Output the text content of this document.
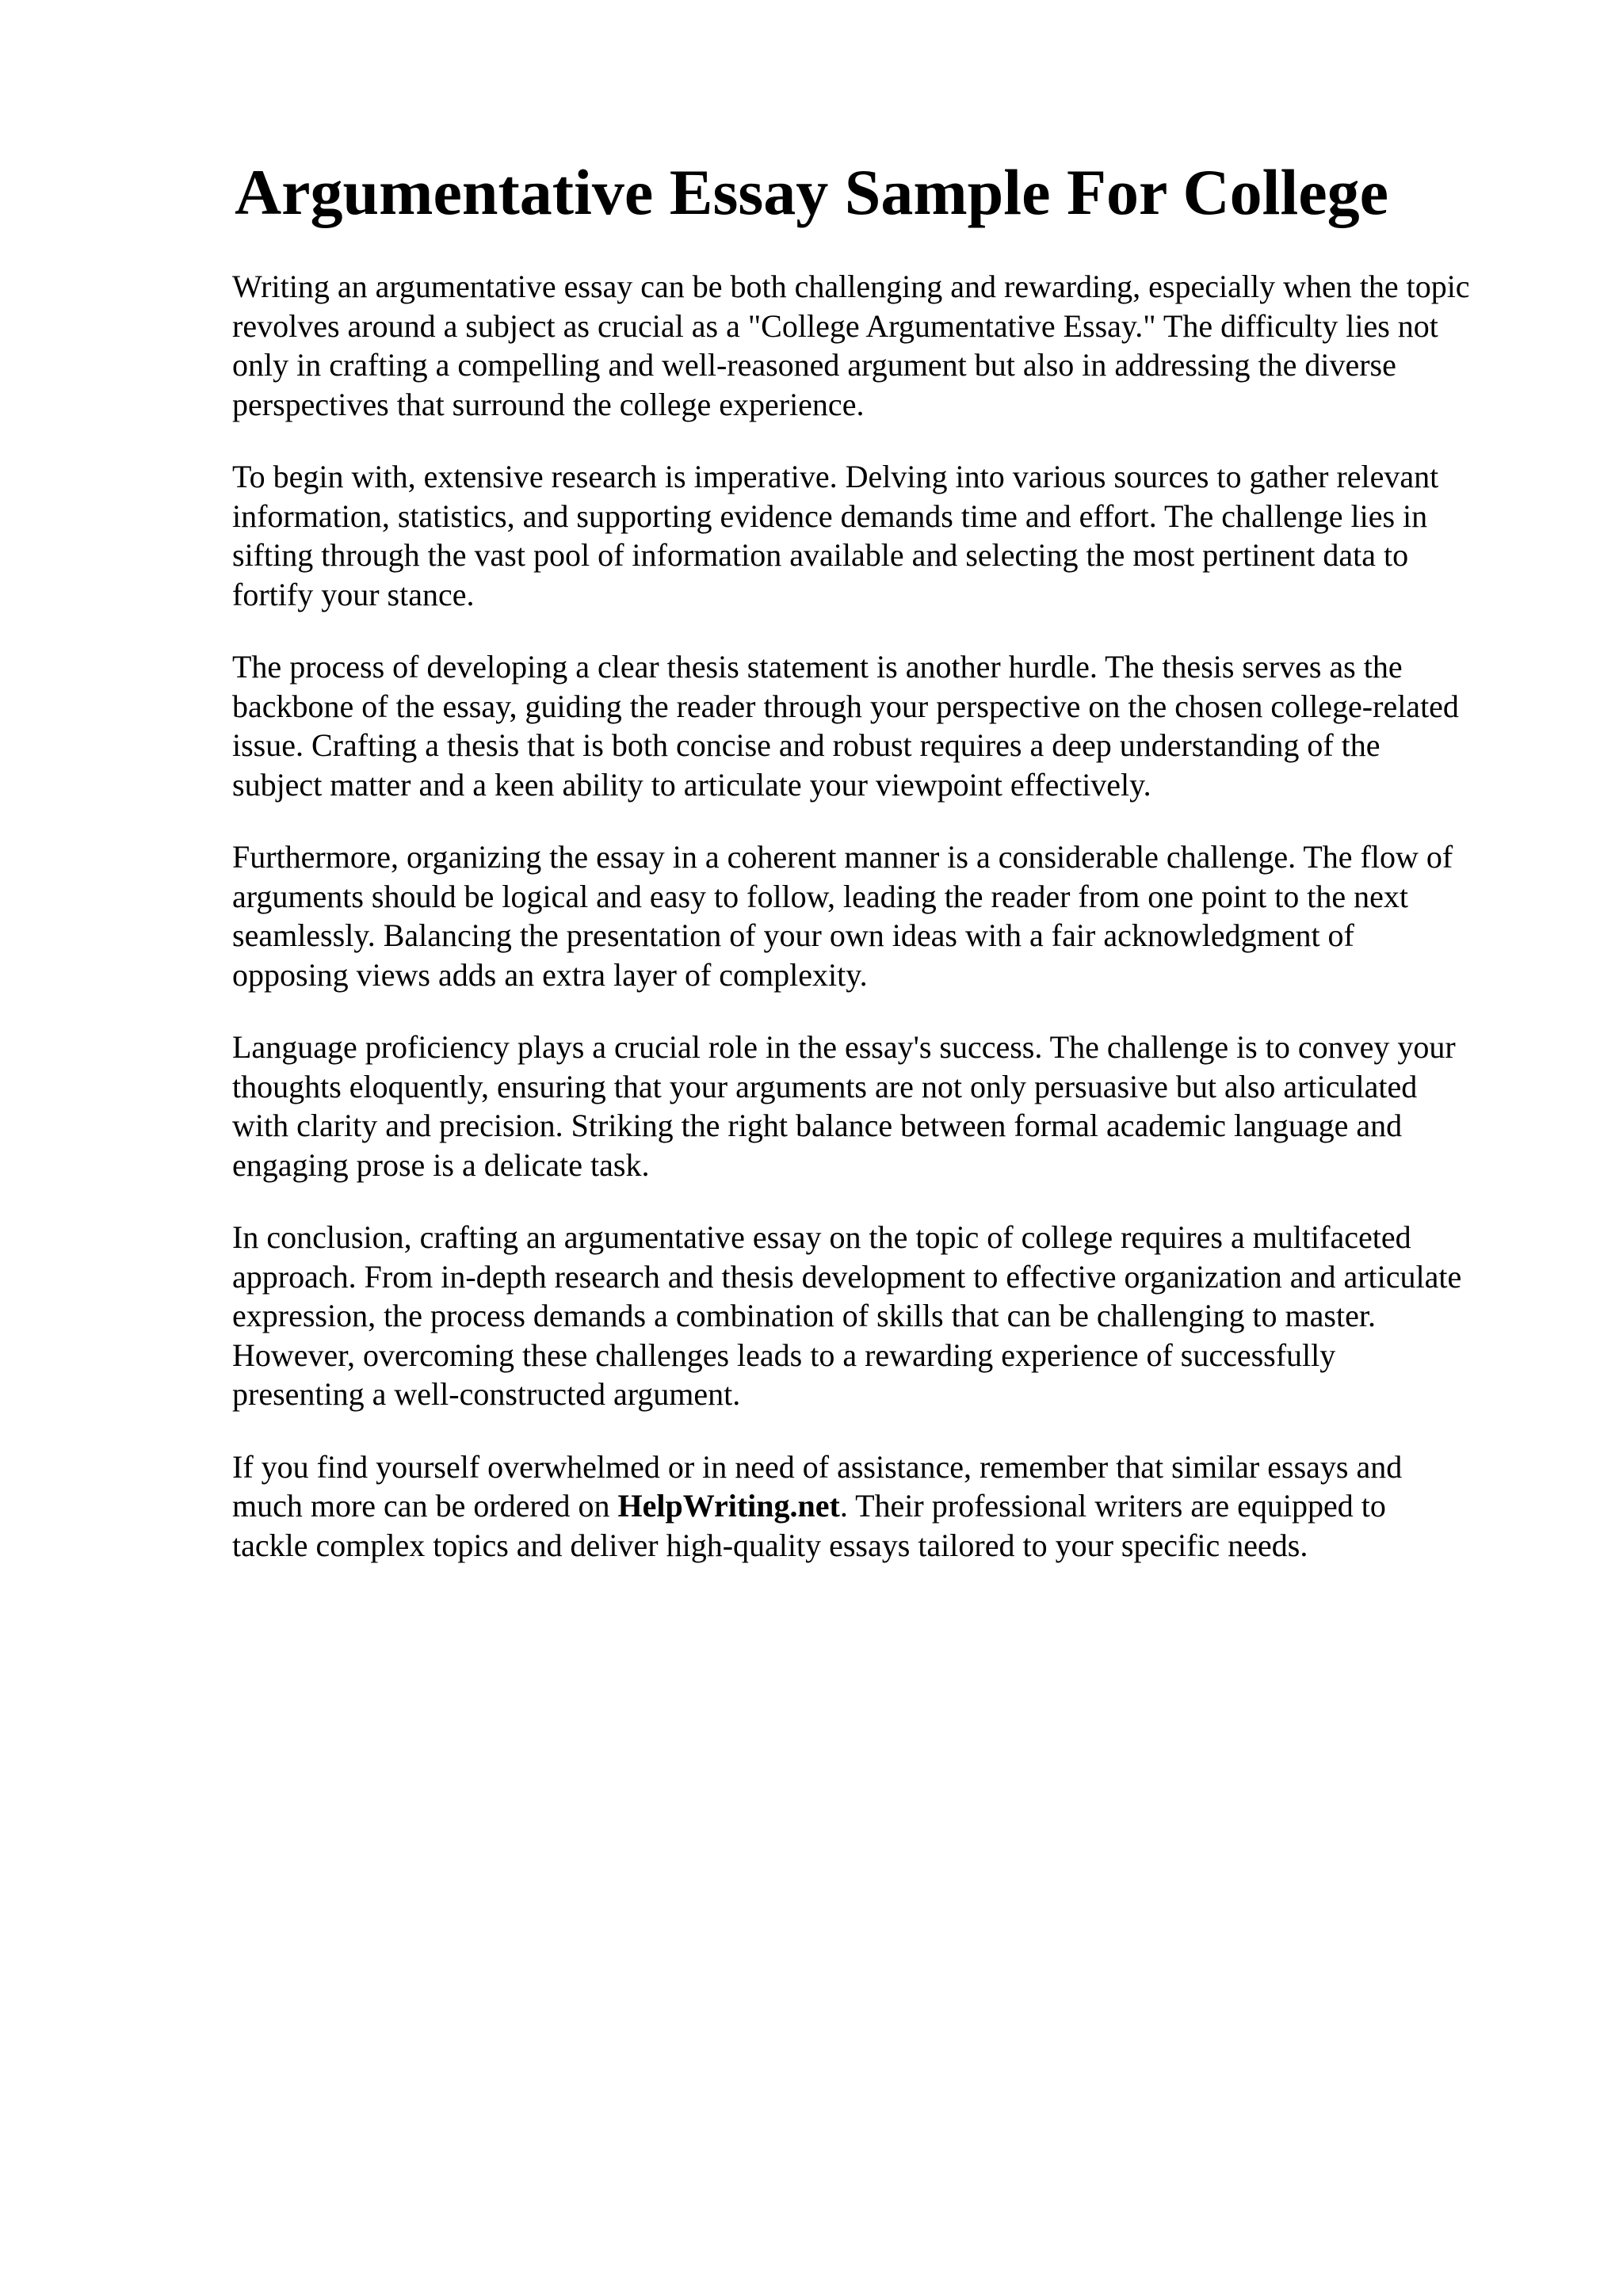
Argumentative Essay Sample For College

Writing an argumentative essay can be both challenging and rewarding, especially when the topic
revolves around a subject as crucial as a "College Argumentative Essay." The difficulty lies not
only in crafting a compelling and well-reasoned argument but also in addressing the diverse
perspectives that surround the college experience.

To begin with, extensive research is imperative. Delving into various sources to gather relevant
information, statistics, and supporting evidence demands time and effort. The challenge lies in
sifting through the vast pool of information available and selecting the most pertinent data to
fortify your stance.

The process of developing a clear thesis statement is another hurdle. The thesis serves as the
backbone of the essay, guiding the reader through your perspective on the chosen college-related
issue. Crafting a thesis that is both concise and robust requires a deep understanding of the
subject matter and a keen ability to articulate your viewpoint effectively.

Furthermore, organizing the essay in a coherent manner is a considerable challenge. The flow of
arguments should be logical and easy to follow, leading the reader from one point to the next
seamlessly. Balancing the presentation of your own ideas with a fair acknowledgment of
opposing views adds an extra layer of complexity.

Language proficiency plays a crucial role in the essay's success. The challenge is to convey your
thoughts eloquently, ensuring that your arguments are not only persuasive but also articulated
with clarity and precision. Striking the right balance between formal academic language and
engaging prose is a delicate task.

In conclusion, crafting an argumentative essay on the topic of college requires a multifaceted
approach. From in-depth research and thesis development to effective organization and articulate
expression, the process demands a combination of skills that can be challenging to master.
However, overcoming these challenges leads to a rewarding experience of successfully
presenting a well-constructed argument.

If you find yourself overwhelmed or in need of assistance, remember that similar essays and
much more can be ordered on HelpWriting.net. Their professional writers are equipped to
tackle complex topics and deliver high-quality essays tailored to your specific needs.
